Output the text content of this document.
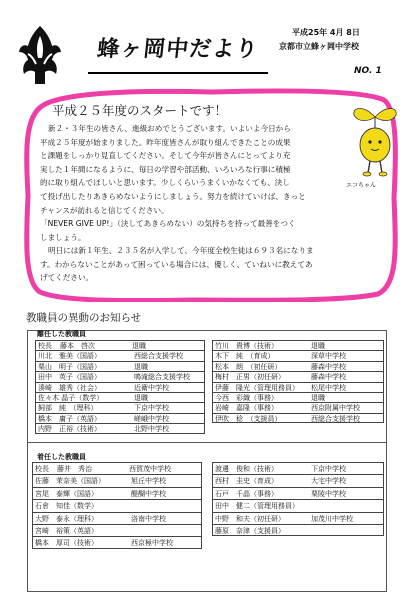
蜂ヶ岡中だより
平成25年 4月 8日
京都市立蜂ヶ岡中学校
NO. 1
平成２５年度のスタートです！
新２・３年生の皆さん、進級おめでとうございます。いよいよ今日から
平成２５年度が始まりました。昨年度皆さんが取り組んできたことの成果
と課題をしっかり見直してください。そして今年が皆さんにとってより充
実した１年間になるように、毎日の学習や部活動、いろいろな行事に積極
的に取り組んでほしいと思います。少しくらいうまくいかなくても、決し
て投げ出したりあきらめないようにしましょう。努力を続けていけば、きっと
チャンスが訪れると信じてください。
「NEVER GIVE UP!」（決してあきらめない）の気持ちを持って最善をつく
しましょう。
明日には新１年生、２３５名が入学して、今年度全校生徒は６９３名になりま
す。わからないことがあって困っている場合には、優しく、ていねいに教えてあ
げてください。
エコちゃん
教職員の異動のお知らせ
離任した教職員
校長 藤本　啓次	退職
川北　雅美（国語）	西総合支援学校
栗山　明子（国語）	退職
田中　英子（国語）	鳴滝総合支援学校
湊崎　雄秀（社会）	近衛中学校
佐々木 晶子（数学）	退職
飼部　純　（理科）	下京中学校
橋本　庸子（英語）	嵯峨中学校
内野　正裕（技術）	北野中学校
竹川　貴博（技術）	退職
木下　純　（育成）	深草中学校
松本　朗　（初任研）	藤森中学校
梅村　正男（初任研）	藤森中学校
伊藤　隆光（管理用務員） 松尾中学校
今西　彩織（事務）	退職
岩崎　嘉隆（事務）	西京附属中学校
伊吹　稔　（支援員）	西総合支援学校
着任した教職員
校長 藤井　秀治	西賀茂中学校
佐藤　茉奈美（国語）	旭丘中学校
宮尾　泰輝（国語）	醍醐中学校
石倉　知佳（数学）
大野　泰永（理科）	洛南中学校
宮崎　裕策（英語）
橋本　厚司（技術）	西京極中学校
渡邊　俊和（技術）	下京中学校
西村　圭史（育成）	大宅中学校
石戸　千晶（事務）	栗陵中学校
田中　健二（管理用務員）
中野　和夫（初任研）	加茂川中学校
藤原　奈津（支援員）
